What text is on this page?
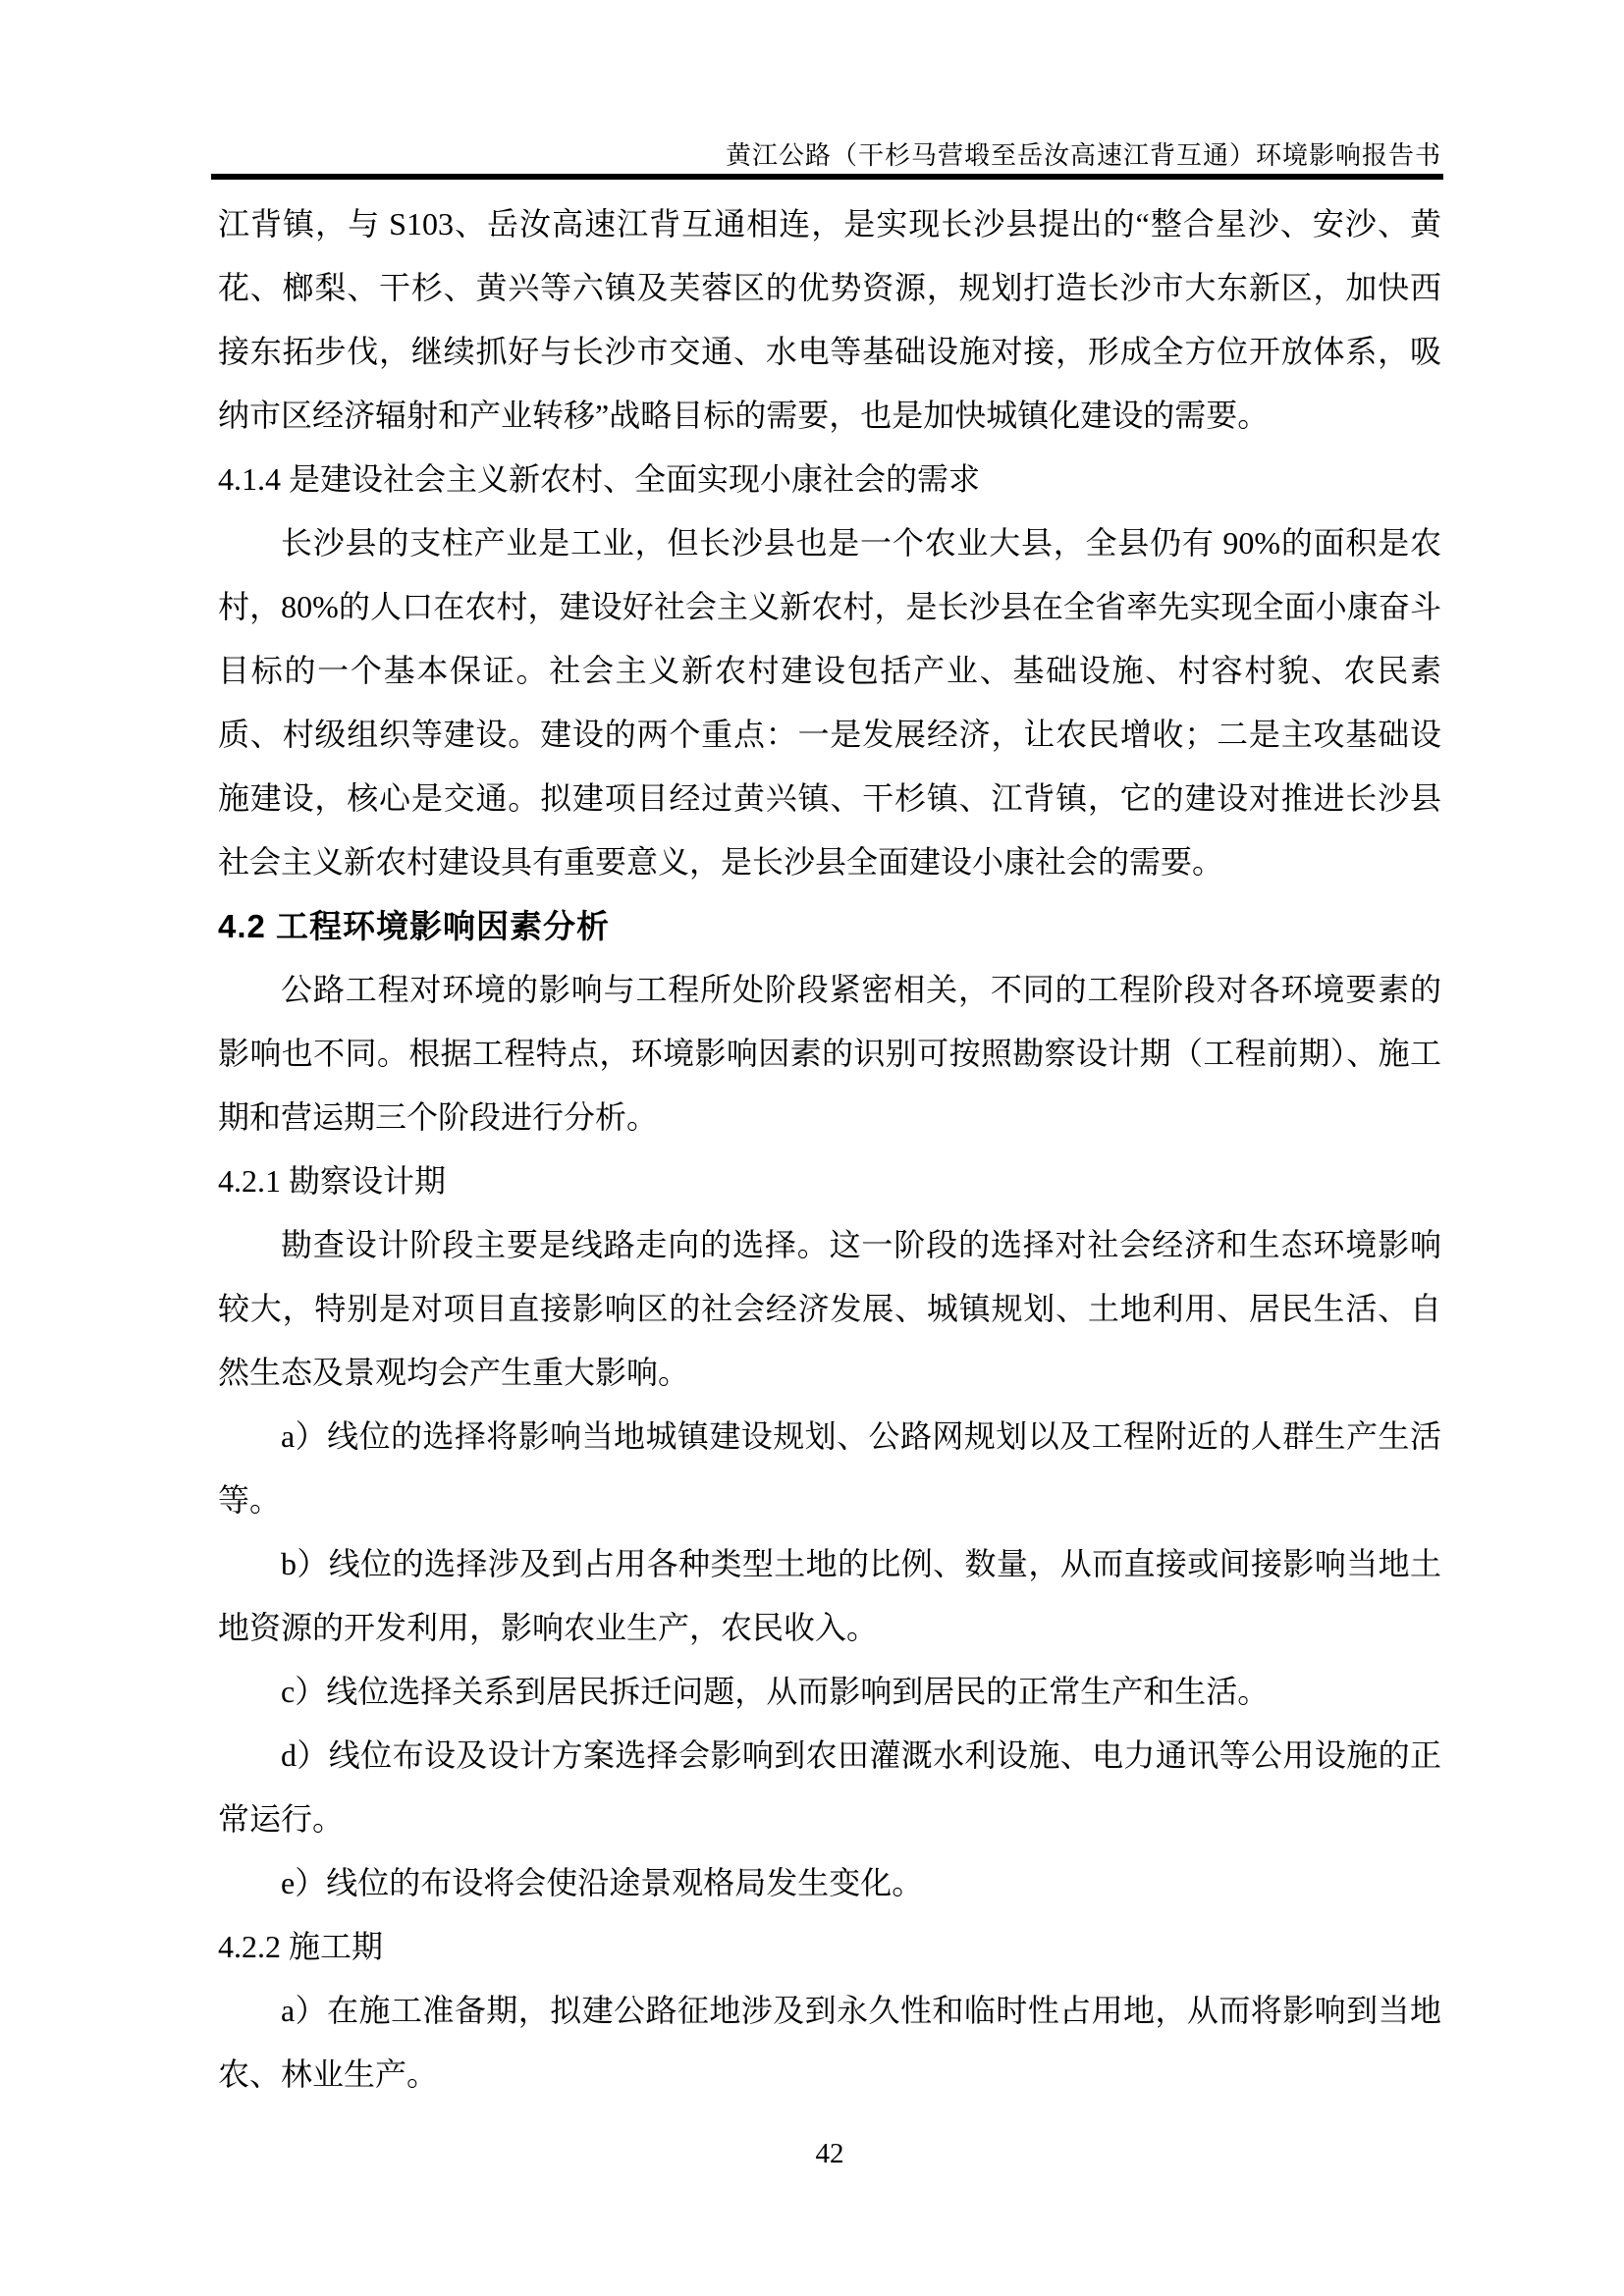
黄江公路（干杉马营塅至岳汝高速江背互通）环境影响报告书

江背镇，与 S103、岳汝高速江背互通相连，是实现长沙县提出的“整合星沙、安沙、黄花、榔梨、干杉、黄兴等六镇及芙蓉区的优势资源，规划打造长沙市大东新区，加快西接东拓步伐，继续抓好与长沙市交通、水电等基础设施对接，形成全方位开放体系，吸纳市区经济辐射和产业转移”战略目标的需要，也是加快城镇化建设的需要。

4.1.4 是建设社会主义新农村、全面实现小康社会的需求

长沙县的支柱产业是工业，但长沙县也是一个农业大县，全县仍有 90%的面积是农村，80%的人口在农村，建设好社会主义新农村，是长沙县在全省率先实现全面小康奋斗目标的一个基本保证。社会主义新农村建设包括产业、基础设施、村容村貌、农民素质、村级组织等建设。建设的两个重点：一是发展经济，让农民增收；二是主攻基础设施建设，核心是交通。拟建项目经过黄兴镇、干杉镇、江背镇，它的建设对推进长沙县社会主义新农村建设具有重要意义，是长沙县全面建设小康社会的需要。

4.2 工程环境影响因素分析

公路工程对环境的影响与工程所处阶段紧密相关，不同的工程阶段对各环境要素的影响也不同。根据工程特点，环境影响因素的识别可按照勘察设计期（工程前期）、施工期和营运期三个阶段进行分析。

4.2.1 勘察设计期

勘查设计阶段主要是线路走向的选择。这一阶段的选择对社会经济和生态环境影响较大，特别是对项目直接影响区的社会经济发展、城镇规划、土地利用、居民生活、自然生态及景观均会产生重大影响。

a）线位的选择将影响当地城镇建设规划、公路网规划以及工程附近的人群生产生活等。

b）线位的选择涉及到占用各种类型土地的比例、数量，从而直接或间接影响当地土地资源的开发利用，影响农业生产，农民收入。

c）线位选择关系到居民拆迁问题，从而影响到居民的正常生产和生活。

d）线位布设及设计方案选择会影响到农田灌溉水利设施、电力通讯等公用设施的正常运行。

e）线位的布设将会使沿途景观格局发生变化。

4.2.2 施工期

a）在施工准备期，拟建公路征地涉及到永久性和临时性占用地，从而将影响到当地农、林业生产。

42
